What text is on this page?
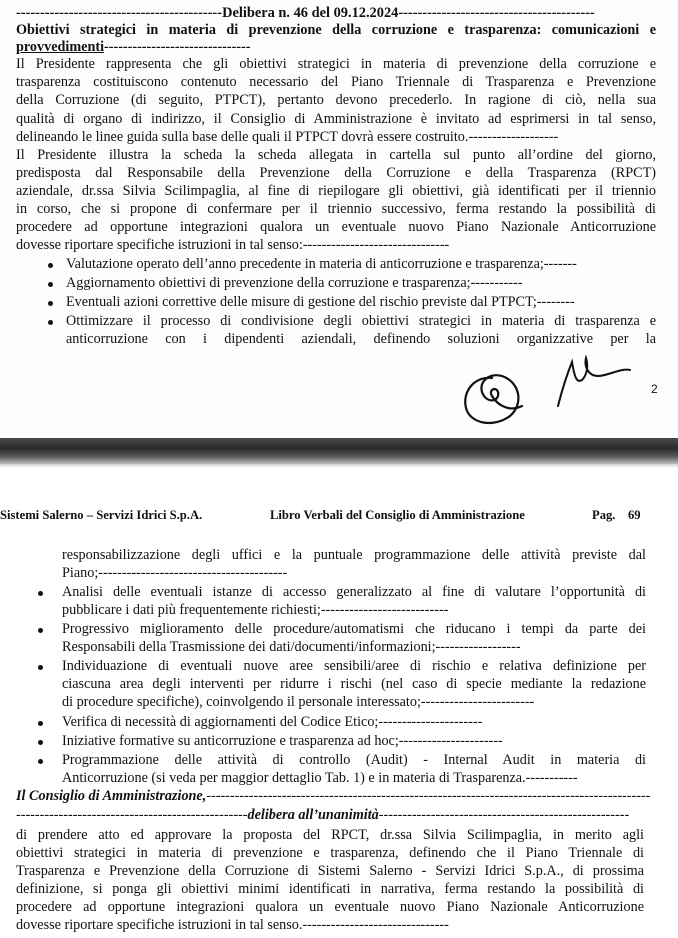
-------------------------------------------Delibera n. 46 del 09.12.2024-----------------------------------------
Obiettivi strategici in materia di prevenzione della corruzione e trasparenza: comunicazioni e
provvedimenti-------------------------------
Il Presidente rappresenta che gli obiettivi strategici in materia di prevenzione della corruzione e
trasparenza costituiscono contenuto necessario del Piano Triennale di Trasparenza e Prevenzione
della Corruzione (di seguito, PTPCT), pertanto devono precederlo. In ragione di ciò, nella sua
qualità di organo di indirizzo, il Consiglio di Amministrazione è invitato ad esprimersi in tal senso,
delineando le linee guida sulla base delle quali il PTPCT dovrà essere costruito.-------------------
Il Presidente illustra la scheda la scheda allegata in cartella sul punto all’ordine del giorno,
predisposta dal Responsabile della Prevenzione della Corruzione e della Trasparenza (RPCT)
aziendale, dr.ssa Silvia Scilimpaglia, al fine di riepilogare gli obiettivi, già identificati per il triennio
in corso, che si propone di confermare per il triennio successivo, ferma restando la possibilità di
procedere ad opportune integrazioni qualora un eventuale nuovo Piano Nazionale Anticorruzione
dovesse riportare specifiche istruzioni in tal senso:-------------------------------
Valutazione operato dell’anno precedente in materia di anticorruzione e trasparenza;-------
Aggiornamento obiettivi di prevenzione della corruzione e trasparenza;-----------
Eventuali azioni correttive delle misure di gestione del rischio previste dal PTPCT;--------
Ottimizzare il processo di condivisione degli obiettivi strategici in materia di trasparenza e
anticorruzione con i dipendenti aziendali, definendo soluzioni organizzative per la
2
Sistemi Salerno – Servizi Idrici S.p.A.	Libro Verbali del Consiglio di Amministrazione	Pag. 69
responsabilizzazione degli uffici e la puntuale programmazione delle attività previste dal
Piano;----------------------------------------
Analisi delle eventuali istanze di accesso generalizzato al fine di valutare l’opportunità di
pubblicare i dati più frequentemente richiesti;---------------------------
Progressivo miglioramento delle procedure/automatismi che riducano i tempi da parte dei
Responsabili della Trasmissione dei dati/documenti/informazioni;------------------
Individuazione di eventuali nuove aree sensibili/aree di rischio e relativa definizione per
ciascuna area degli interventi per ridurre i rischi (nel caso di specie mediante la redazione
di procedure specifiche), coinvolgendo il personale interessato;------------------------
Verifica di necessità di aggiornamenti del Codice Etico;----------------------
Iniziative formative su anticorruzione e trasparenza ad hoc;----------------------
Programmazione delle attività di controllo (Audit) - Internal Audit in materia di
Anticorruzione (si veda per maggior dettaglio Tab. 1) e in materia di Trasparenza.-----------
Il Consiglio di Amministrazione,----------------------------------------------------------------------------------------------
-------------------------------------------------delibera all’unanimità-----------------------------------------------------
di prendere atto ed approvare la proposta del RPCT, dr.ssa Silvia Scilimpaglia, in merito agli
obiettivi strategici in materia di prevenzione e trasparenza, definendo che il Piano Triennale di
Trasparenza e Prevenzione della Corruzione di Sistemi Salerno - Servizi Idrici S.p.A., di prossima
definizione, si ponga gli obiettivi minimi identificati in narrativa, ferma restando la possibilità di
procedere ad opportune integrazioni qualora un eventuale nuovo Piano Nazionale Anticorruzione
dovesse riportare specifiche istruzioni in tal senso.-------------------------------
